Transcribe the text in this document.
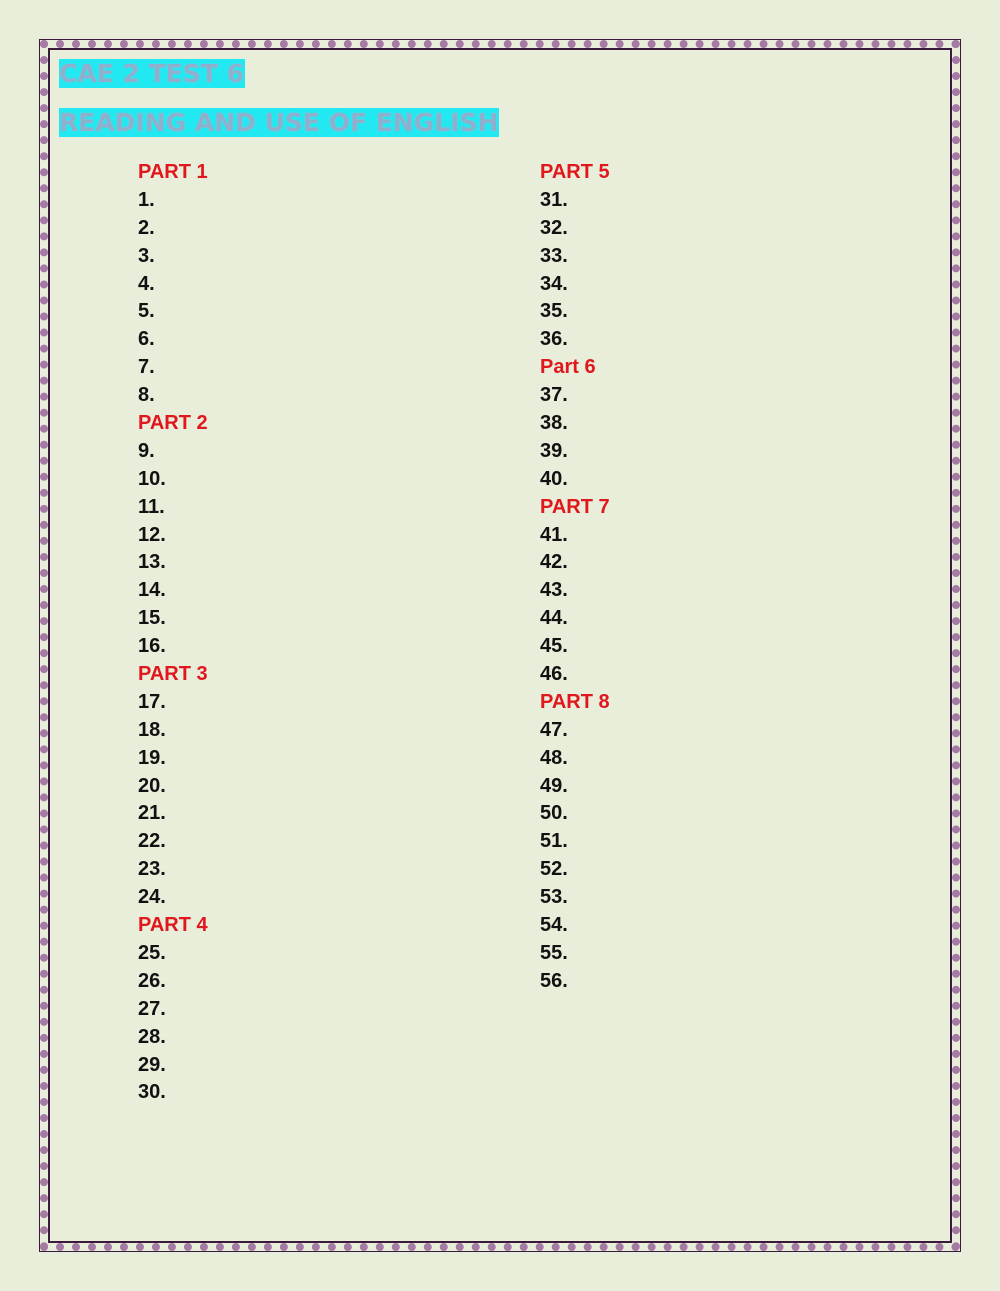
CAE 2 TEST 6
READING AND USE OF ENGLISH
PART 1
1.
2.
3.
4.
5.
6.
7.
8.
PART 2
9.
10.
11.
12.
13.
14.
15.
16.
PART 3
17.
18.
19.
20.
21.
22.
23.
24.
PART 4
25.
26.
27.
28.
29.
30.
PART 5
31.
32.
33.
34.
35.
36.
Part 6
37.
38.
39.
40.
PART 7
41.
42.
43.
44.
45.
46.
PART 8
47.
48.
49.
50.
51.
52.
53.
54.
55.
56.
